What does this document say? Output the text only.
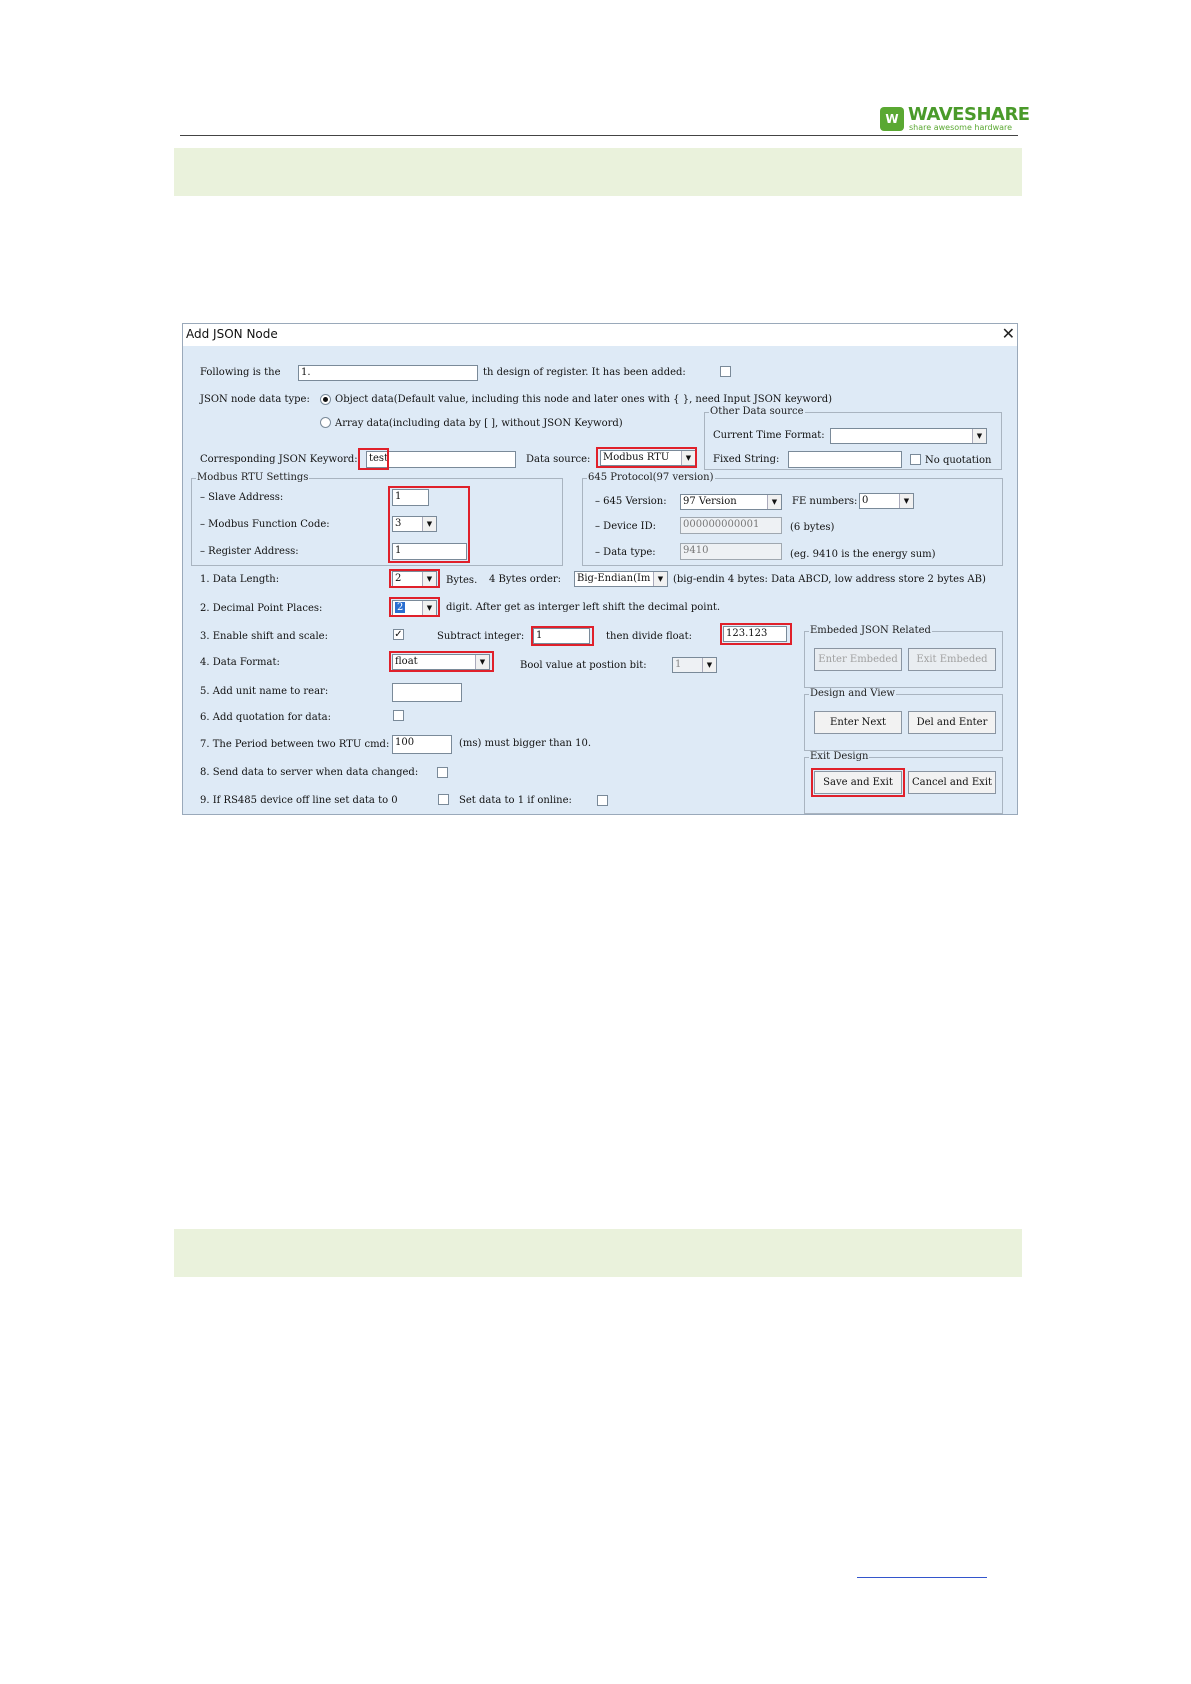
W WAVESHARE
share awesome hardware
Add JSON Node	✕
Following is the	1.	th design of register. It has been added:
JSON node data type:	Object data(Default value, including this node and later ones with { }, need Input JSON keyword)
Array data(including data by [ ], without JSON Keyword)
Other Data source
Current Time Format:	▼
Fixed String:	No quotation
Corresponding JSON Keyword:	test	Data source:	Modbus RTU	▼
Modbus RTU Settings
– Slave Address:	1
– Modbus Function Code:	3	▼
– Register Address:	1
645 Protocol(97 version)
– 645 Version:	97 Version	▼	FE numbers: 0	▼
– Device ID:	000000000001	(6 bytes)
– Data type:	9410	(eg. 9410 is the energy sum)
1. Data Length:	2	▼	Bytes. 4 Bytes order:	Big-Endian(Im	▼ (big-endin 4 bytes: Data ABCD, low address store 2 bytes AB)
2. Decimal Point Places:	2	▼	digit. After get as interger left shift the decimal point.
3. Enable shift and scale:	✓	Subtract integer:	1	then divide float:	123.123
4. Data Format:	float	▼	Bool value at postion bit:	1	▼
5. Add unit name to rear:
6. Add quotation for data:
7. The Period between two RTU cmd: 100	(ms) must bigger than 10.
8. Send data to server when data changed:
9. If RS485 device off line set data to 0	Set data to 1 if online:
Embeded JSON Related
Enter Embeded	Exit Embeded
Design and View
Enter Next	Del and Enter
Exit Design
Save and Exit	Cancel and Exit
